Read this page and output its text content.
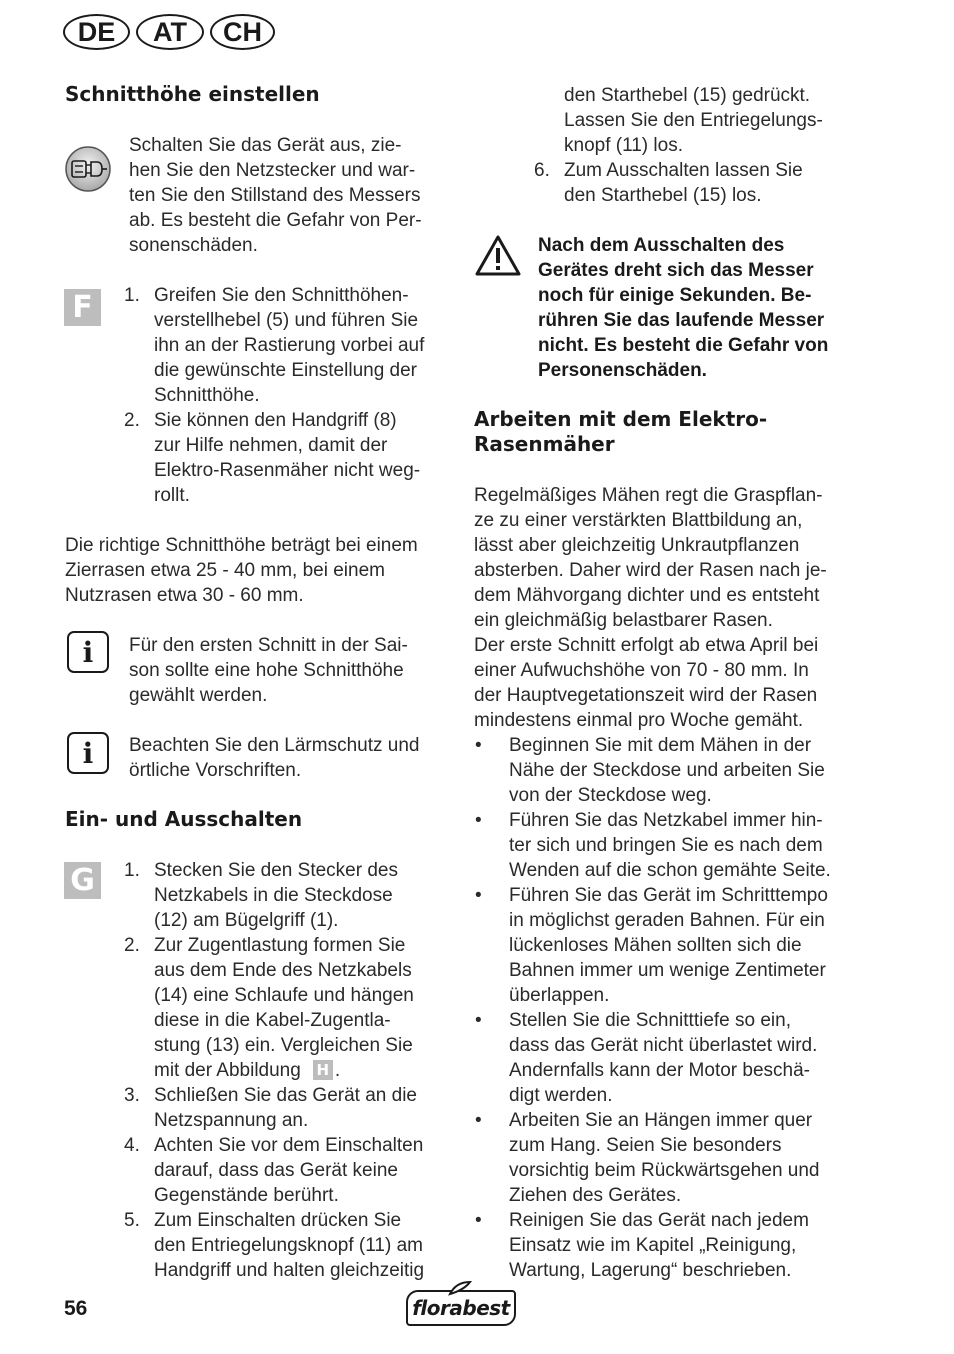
DE	AT	CH
Schnitthöhe einstellen
Schalten Sie das Gerät aus, zie-
hen Sie den Netzstecker und war-
ten Sie den Stillstand des Messers
ab. Es besteht die Gefahr von Per-
sonenschäden.
F	1. Greifen Sie den Schnitthöhen-
verstellhebel (5) und führen Sie
ihn an der Rastierung vorbei auf
die gewünschte Einstellung der
Schnitthöhe.
2. Sie können den Handgriff (8)
zur Hilfe nehmen, damit der
Elektro-Rasenmäher nicht weg-
rollt.
Die richtige Schnitthöhe beträgt bei einem
Zierrasen etwa 25 - 40 mm, bei einem
Nutzrasen etwa 30 - 60 mm.
i	Für den ersten Schnitt in der Sai-
son sollte eine hohe Schnitthöhe
gewählt werden.
i	Beachten Sie den Lärmschutz und
örtliche Vorschriften.
Ein- und Ausschalten
G	1. Stecken Sie den Stecker des
Netzkabels in die Steckdose
(12) am Bügelgriff (1).
2. Zur Zugentlastung formen Sie
aus dem Ende des Netzkabels
(14) eine Schlaufe und hängen
diese in die Kabel-Zugentla-
stung (13) ein. Vergleichen Sie
mit der Abbildung H .
3. Schließen Sie das Gerät an die
Netzspannung an.
4. Achten Sie vor dem Einschalten
darauf, dass das Gerät keine
Gegenstände berührt.
5. Zum Einschalten drücken Sie
den Entriegelungsknopf (11) am
Handgriff und halten gleichzeitig
den Starthebel (15) gedrückt.
Lassen Sie den Entriegelungs-
knopf (11) los.
6. Zum Ausschalten lassen Sie
den Starthebel (15) los.
Nach dem Ausschalten des
Gerätes dreht sich das Messer
noch für einige Sekunden. Be-
rühren Sie das laufende Messer
nicht. Es besteht die Gefahr von
Personenschäden.
Arbeiten mit dem Elektro-
Rasenmäher
Regelmäßiges Mähen regt die Graspflan-
ze zu einer verstärkten Blattbildung an,
lässt aber gleichzeitig Unkrautpflanzen
absterben. Daher wird der Rasen nach je-
dem Mähvorgang dichter und es entsteht
ein gleichmäßig belastbarer Rasen.
Der erste Schnitt erfolgt ab etwa April bei
einer Aufwuchshöhe von 70 - 80 mm. In
der Hauptvegetationszeit wird der Rasen
mindestens einmal pro Woche gemäht.
• Beginnen Sie mit dem Mähen in der
Nähe der Steckdose und arbeiten Sie
von der Steckdose weg.
• Führen Sie das Netzkabel immer hin-
ter sich und bringen Sie es nach dem
Wenden auf die schon gemähte Seite.
• Führen Sie das Gerät im Schritttempo
in möglichst geraden Bahnen. Für ein
lückenloses Mähen sollten sich die
Bahnen immer um wenige Zentimeter
überlappen.
• Stellen Sie die Schnitttiefe so ein,
dass das Gerät nicht überlastet wird.
Andernfalls kann der Motor beschä-
digt werden.
• Arbeiten Sie an Hängen immer quer
zum Hang. Seien Sie besonders
vorsichtig beim Rückwärtsgehen und
Ziehen des Gerätes.
• Reinigen Sie das Gerät nach jedem
Einsatz wie im Kapitel „Reinigung,
Wartung, Lagerung“ beschrieben.
56	florabest
